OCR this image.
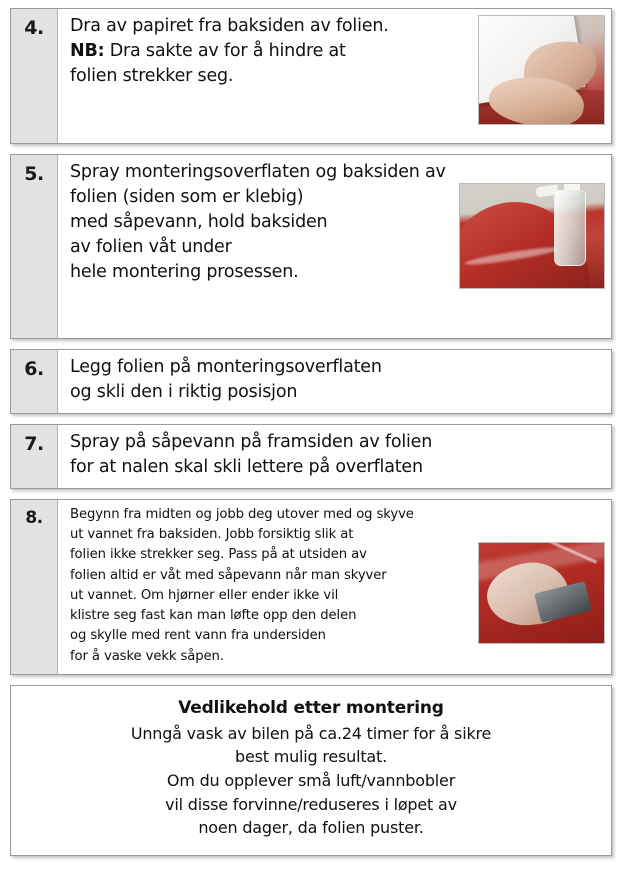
4.	Dra av papiret fra baksiden av folien.

NB: Dra sakte av for å hindre at

folien strekker seg.

5.	Spray monteringsoverflaten og baksiden av

folien (siden som er klebig)

med såpevann, hold baksiden

av folien våt under

hele montering prosessen.

6.	Legg folien på monteringsoverflaten

og skli den i riktig posisjon

7.	Spray på såpevann på framsiden av folien

for at nalen skal skli lettere på overflaten

8.	Begynn fra midten og jobb deg utover med og skyve

ut vannet fra baksiden. Jobb forsiktig slik at

folien ikke strekker seg. Pass på at utsiden av

folien altid er våt med såpevann når man skyver

ut vannet. Om hjørner eller ender ikke vil

klistre seg fast kan man løfte opp den delen

og skylle med rent vann fra undersiden

for å vaske vekk såpen.

Vedlikehold etter montering

Unngå vask av bilen på ca.24 timer for å sikre

best mulig resultat.

Om du opplever små luft/vannbobler

vil disse forvinne/reduseres i løpet av

noen dager, da folien puster.
